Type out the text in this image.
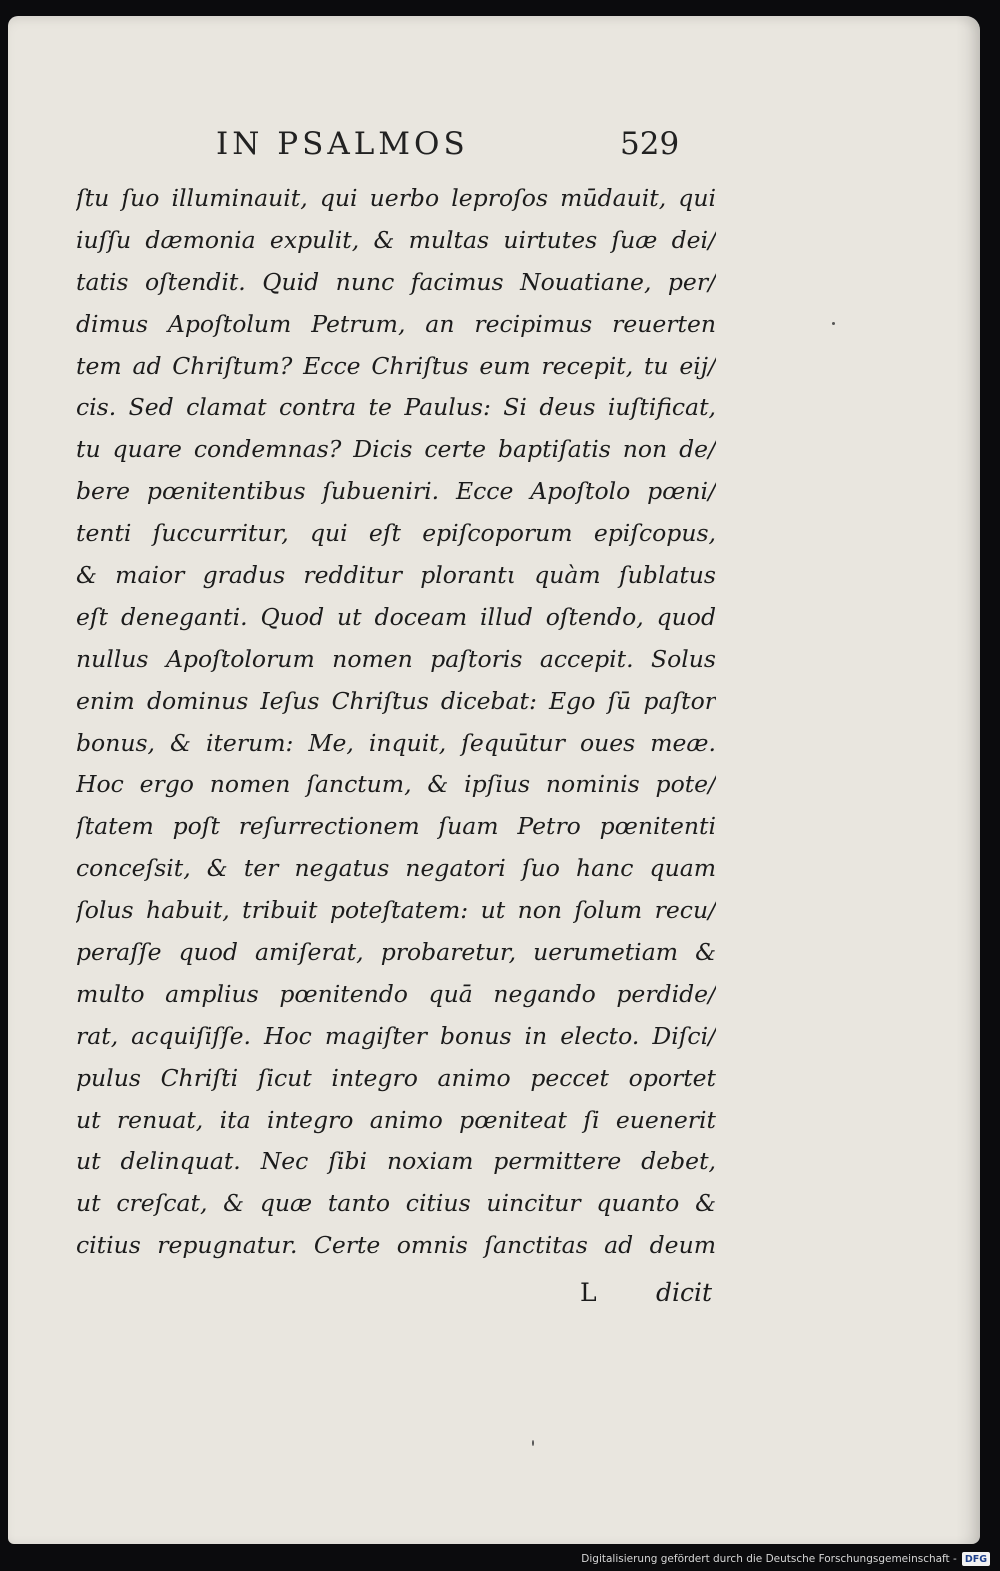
IN PSALMOS	529
ſtu ſuo illuminauit, qui uerbo leproſos mūdauit, qui
iuſſu dæmonia expulit, & multas uirtutes ſuæ dei/
tatis oſtendit. Quid nunc facimus Nouatiane, per/
dimus Apoſtolum Petrum, an recipimus reuerten
tem ad Chriſtum? Ecce Chriſtus eum recepit, tu eij/
cis. Sed clamat contra te Paulus: Si deus iuſtificat,
tu quare condemnas? Dicis certe baptiſatis non de/
bere pœnitentibus ſubueniri. Ecce Apoſtolo pœni/
tenti ſuccurritur, qui eſt epiſcoporum epiſcopus,
& maior gradus redditur plorantι quàm ſublatus
eſt deneganti. Quod ut doceam illud oſtendo, quod
nullus Apoſtolorum nomen paſtoris accepit. Solus
enim dominus Ieſus Chriſtus dicebat: Ego ſū paſtor
bonus, & iterum: Me, inquit, ſequūtur oues meæ.
Hoc ergo nomen ſanctum, & ipſius nominis pote/
ſtatem poſt reſurrectionem ſuam Petro pœnitenti
conceſsit, & ter negatus negatori ſuo hanc quam
ſolus habuit, tribuit poteſtatem: ut non ſolum recu/
peraſſe quod amiſerat, probaretur, uerumetiam &
multo amplius pœnitendo quā negando perdide/
rat, acquiſiſſe. Hoc magiſter bonus in electo. Diſci/
pulus Chriſti ſicut integro animo peccet oportet
ut renuat, ita integro animo pœniteat ſi euenerit
ut delinquat. Nec ſibi noxiam permittere debet,
ut creſcat, & quæ tanto citius uincitur quanto &
citius repugnatur. Certe omnis ſanctitas ad deum
L dicit
Digitalisierung gefördert durch die Deutsche Forschungsgemeinschaft - DFG
